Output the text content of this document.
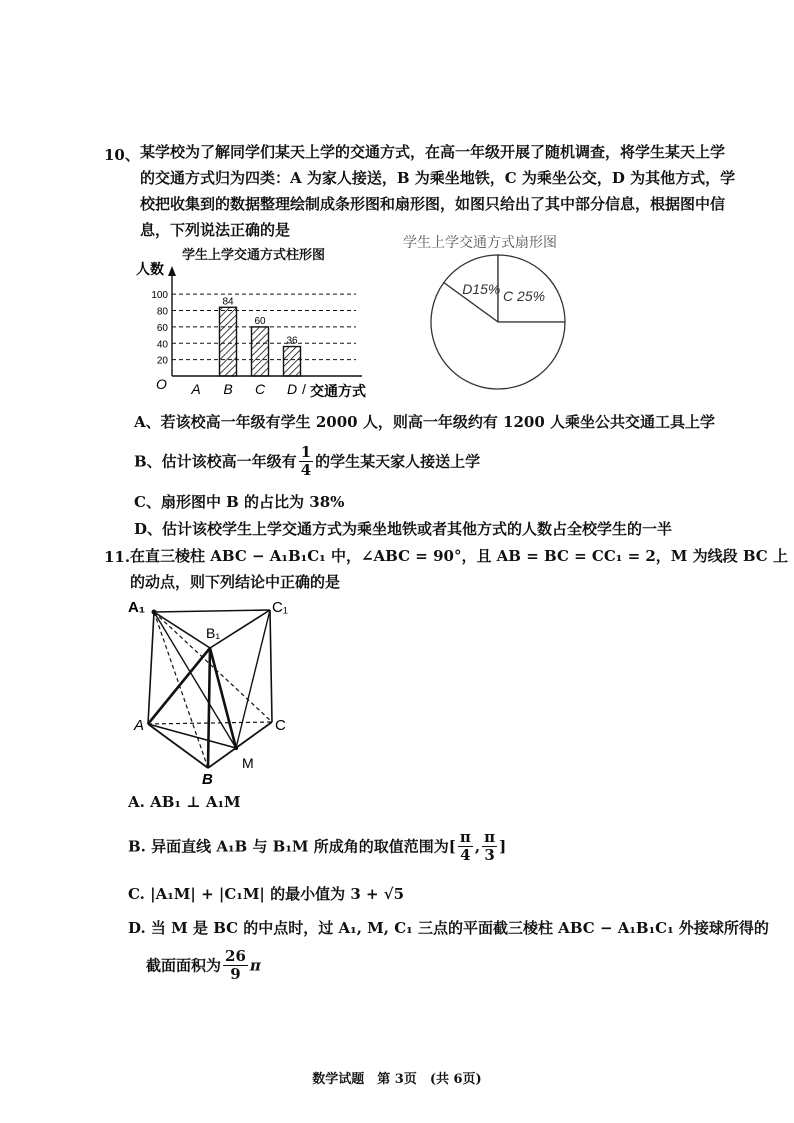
10、 某学校为了解同学们某天上学的交通方式，在高一年级开展了随机调查，将学生某天上学
的交通方式归为四类：A 为家人接送，B 为乘坐地铁，C 为乘坐公交，D 为其他方式，学
校把收集到的数据整理绘制成条形图和扇形图，如图只给出了其中部分信息，根据图中信
息，下列说法正确的是
学生上学交通方式柱形图
人数
20
40
60
80
100
84
60
36
A B C D /
O	交通方式
学生上学交通方式扇形图
D15% C 25%
A、若该校高一年级有学生 2000 人，则高一年级约有 1200 人乘坐公共交通工具上学
B、估计该校高一年级有 $\frac{1}{4}$ 的学生某天家人接送上学
C、扇形图中 B 的占比为 38%
D、估计该校学生上学交通方式为乘坐地铁或者其他方式的人数占全校学生的一半
11. 在直三棱柱 ABC − A₁B₁C₁ 中，∠ABC = 90°，且 AB = BC = CC₁ = 2，M 为线段 BC 上
的动点，则下列结论中正确的是
A₁	C₁
B₁
A	C
B
M
A. AB₁ ⊥ A₁M
B. 异面直线 A₁B 与 B₁M 所成角的取值范围为[ $\frac{\pi}{4}$ , $\frac{\pi}{3}$ ]
C. |A₁M| + |C₁M| 的最小值为 3 + √5
D. 当 M 是 BC 的中点时，过 A₁, M, C₁ 三点的平面截三棱柱 ABC − A₁B₁C₁ 外接球所得的
截面面积为 $\frac{26}{9}$ π
数学试题　第 3页　(共 6页)
